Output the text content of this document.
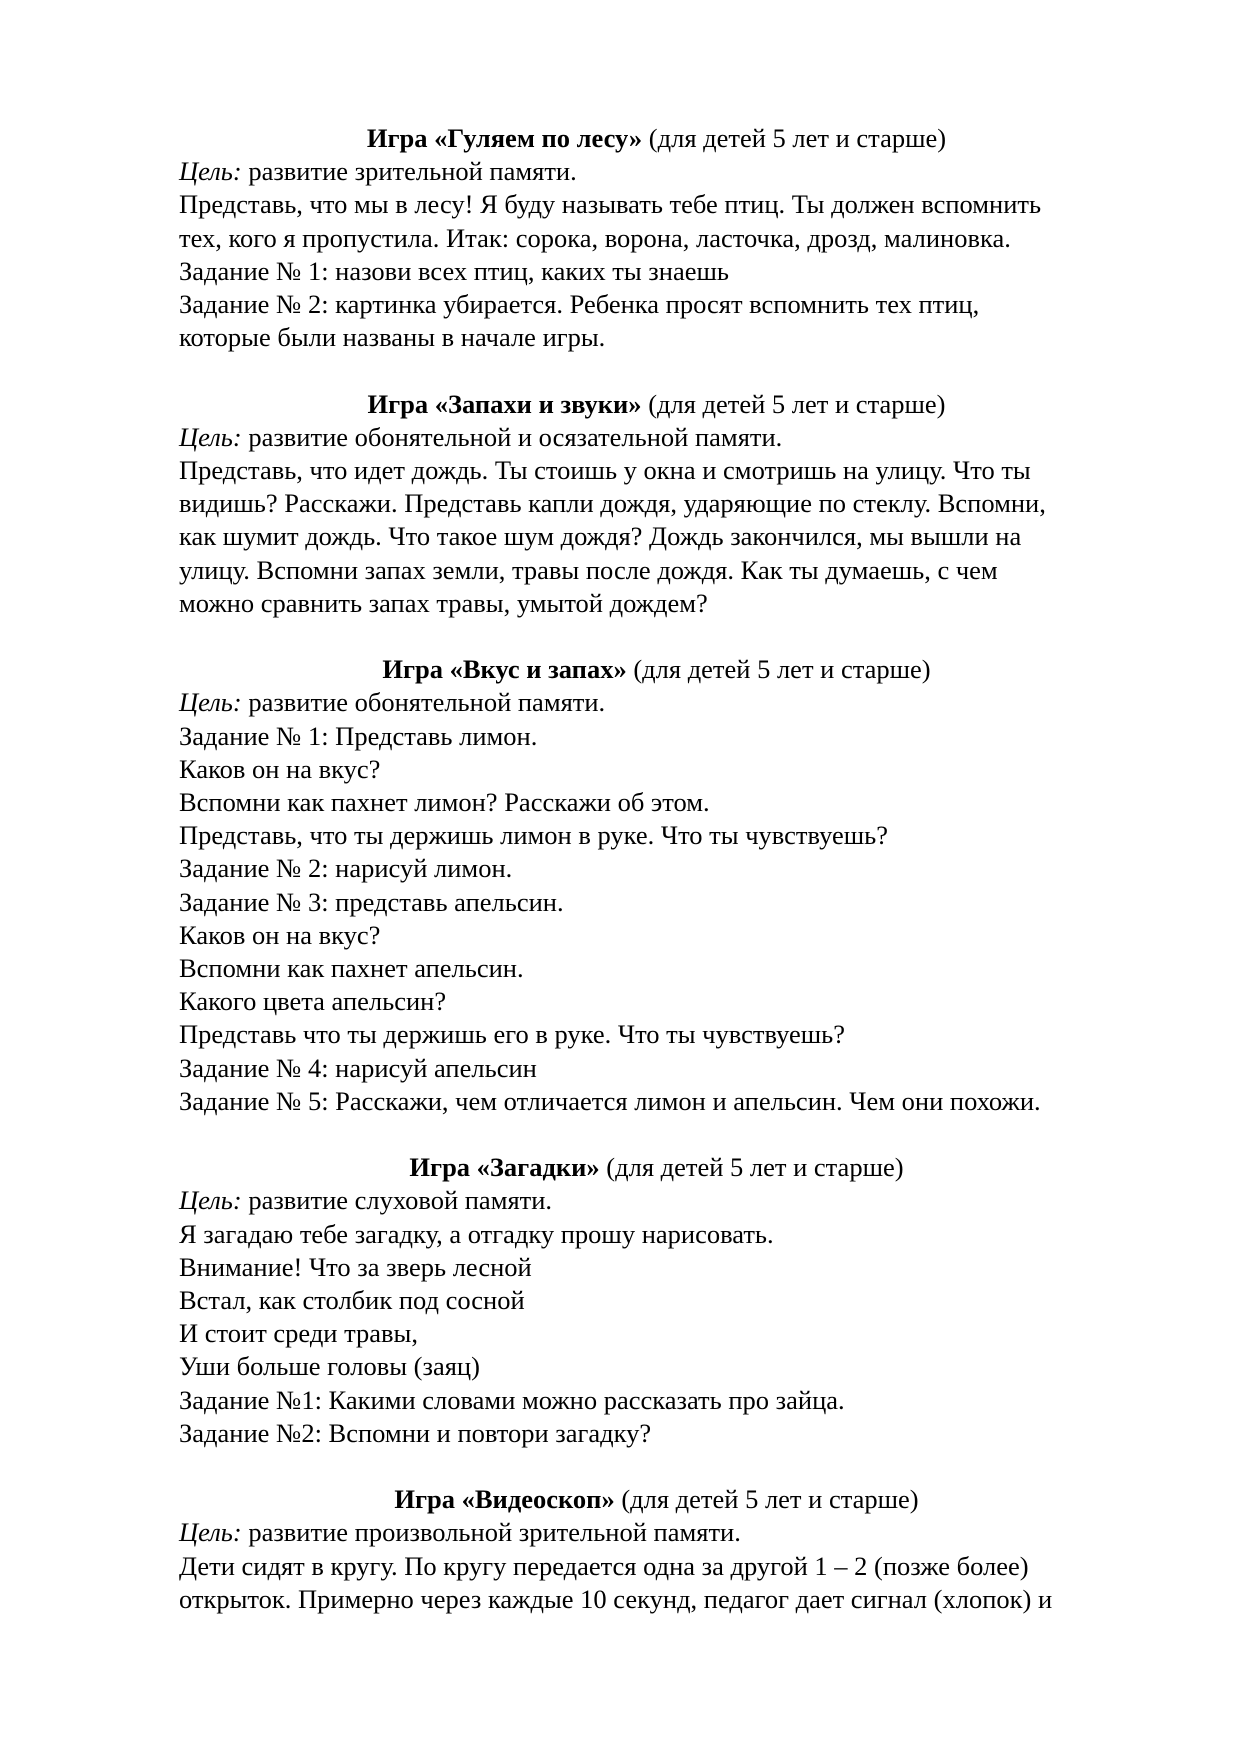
Игра «Гуляем по лесу» (для детей 5 лет и старше)
Цель: развитие зрительной памяти.
Представь, что мы в лесу! Я буду называть тебе птиц. Ты должен вспомнить
тех, кого я пропустила. Итак: сорока, ворона, ласточка, дрозд, малиновка.
Задание № 1: назови всех птиц, каких ты знаешь
Задание № 2: картинка убирается. Ребенка просят вспомнить тех птиц,
которые были названы в начале игры.
Игра «Запахи и звуки» (для детей 5 лет и старше)
Цель: развитие обонятельной и осязательной памяти.
Представь, что идет дождь. Ты стоишь у окна и смотришь на улицу. Что ты
видишь? Расскажи. Представь капли дождя, ударяющие по стеклу. Вспомни,
как шумит дождь. Что такое шум дождя? Дождь закончился, мы вышли на
улицу. Вспомни запах земли, травы после дождя. Как ты думаешь, с чем
можно сравнить запах травы, умытой дождем?
Игра «Вкус и запах» (для детей 5 лет и старше)
Цель: развитие обонятельной памяти.
Задание № 1: Представь лимон.
Каков он на вкус?
Вспомни как пахнет лимон? Расскажи об этом.
Представь, что ты держишь лимон в руке. Что ты чувствуешь?
Задание № 2: нарисуй лимон.
Задание № 3: представь апельсин.
Каков он на вкус?
Вспомни как пахнет апельсин.
Какого цвета апельсин?
Представь что ты держишь его в руке. Что ты чувствуешь?
Задание № 4: нарисуй апельсин
Задание № 5: Расскажи, чем отличается лимон и апельсин. Чем они похожи.
Игра «Загадки» (для детей 5 лет и старше)
Цель: развитие слуховой памяти.
Я загадаю тебе загадку, а отгадку прошу нарисовать.
Внимание! Что за зверь лесной
Встал, как столбик под сосной
И стоит среди травы,
Уши больше головы (заяц)
Задание №1: Какими словами можно рассказать про зайца.
Задание №2: Вспомни и повтори загадку?
Игра «Видеоскоп» (для детей 5 лет и старше)
Цель: развитие произвольной зрительной памяти.
Дети сидят в кругу. По кругу передается одна за другой 1 – 2 (позже более)
открыток. Примерно через каждые 10 секунд, педагог дает сигнал (хлопок) и
